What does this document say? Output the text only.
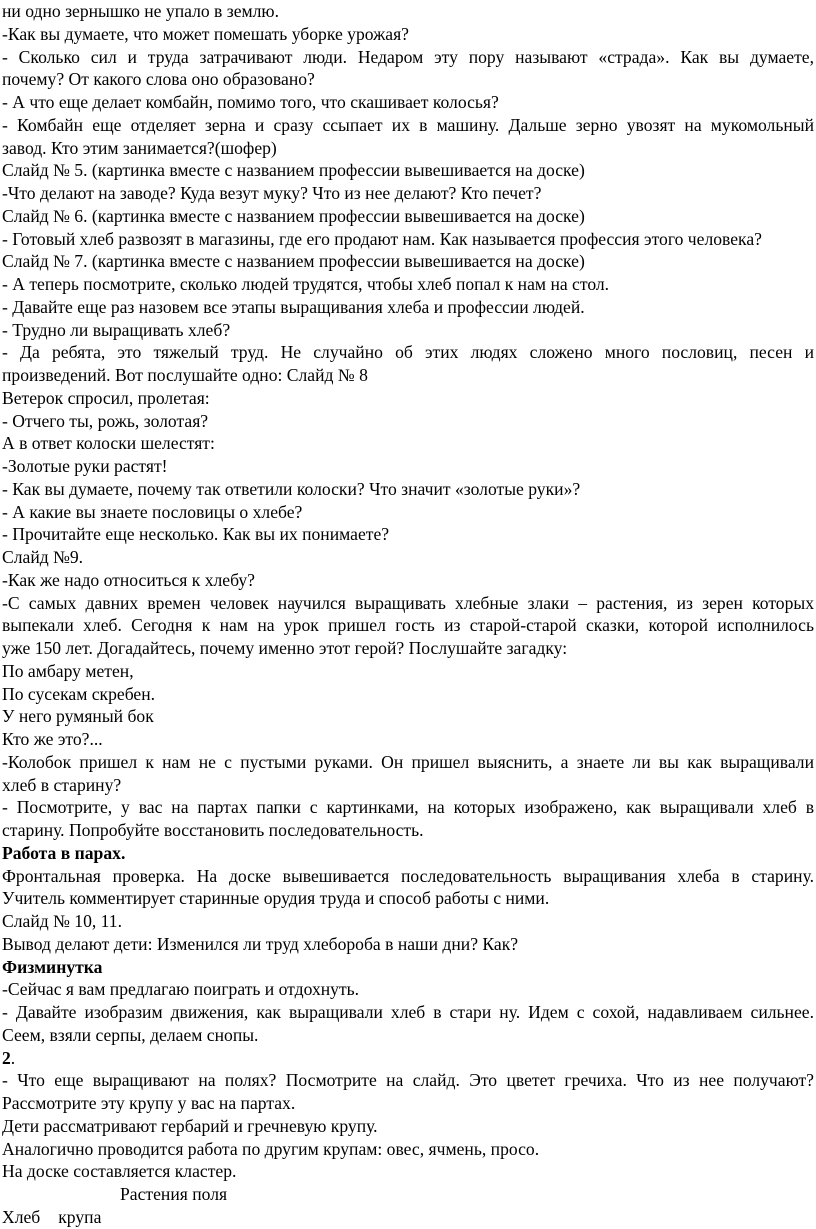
ни одно зернышко не упало в землю.
-Как вы думаете, что может помешать уборке урожая?
- Сколько сил и труда затрачивают люди. Недаром эту пору называют «страда». Как вы думаете,
почему? От какого слова оно образовано?
- А что еще делает комбайн, помимо того, что скашивает колосья?
- Комбайн еще отделяет зерна и сразу ссыпает их в машину. Дальше зерно увозят на мукомольный
завод. Кто этим занимается?(шофер)
Слайд № 5. (картинка вместе с названием профессии вывешивается на доске)
-Что делают на заводе? Куда везут муку? Что из нее делают? Кто печет?
Слайд № 6. (картинка вместе с названием профессии вывешивается на доске)
- Готовый хлеб развозят в магазины, где его продают нам. Как называется профессия этого человека?
Слайд № 7. (картинка вместе с названием профессии вывешивается на доске)
- А теперь посмотрите, сколько людей трудятся, чтобы хлеб попал к нам на стол.
- Давайте еще раз назовем все этапы выращивания хлеба и профессии людей.
- Трудно ли выращивать хлеб?
- Да ребята, это тяжелый труд. Не случайно об этих людях сложено много пословиц, песен и
произведений. Вот послушайте одно: Слайд № 8
Ветерок спросил, пролетая:
- Отчего ты, рожь, золотая?
А в ответ колоски шелестят:
-Золотые руки растят!
- Как вы думаете, почему так ответили колоски? Что значит «золотые руки»?
- А какие вы знаете пословицы о хлебе?
- Прочитайте еще несколько. Как вы их понимаете?
Слайд №9.
-Как же надо относиться к хлебу?
-С самых давних времен человек научился выращивать хлебные злаки – растения, из зерен которых
выпекали хлеб. Сегодня к нам на урок пришел гость из старой-старой сказки, которой исполнилось
уже 150 лет. Догадайтесь, почему именно этот герой? Послушайте загадку:
По амбару метен,
По сусекам скребен.
У него румяный бок
Кто же это?...
-Колобок пришел к нам не с пустыми руками. Он пришел выяснить, а знаете ли вы как выращивали
хлеб в старину?
- Посмотрите, у вас на партах папки с картинками, на которых изображено, как выращивали хлеб в
старину. Попробуйте восстановить последовательность.
Работа в парах.
Фронтальная проверка. На доске вывешивается последовательность выращивания хлеба в старину.
Учитель комментирует старинные орудия труда и способ работы с ними.
Слайд № 10, 11.
Вывод делают дети: Изменился ли труд хлебороба в наши дни? Как?
Физминутка
-Сейчас я вам предлагаю поиграть и отдохнуть.
- Давайте изобразим движения, как выращивали хлеб в стари ну. Идем с сохой, надавливаем сильнее.
Сеем, взяли серпы, делаем снопы.
2.
- Что еще выращивают на полях? Посмотрите на слайд. Это цветет гречиха. Что из нее получают?
Рассмотрите эту крупу у вас на партах.
Дети рассматривают гербарий и гречневую крупу.
Аналогично проводится работа по другим крупам: овес, ячмень, просо.
На доске составляется кластер.
Растения поля
Хлеб крупа
